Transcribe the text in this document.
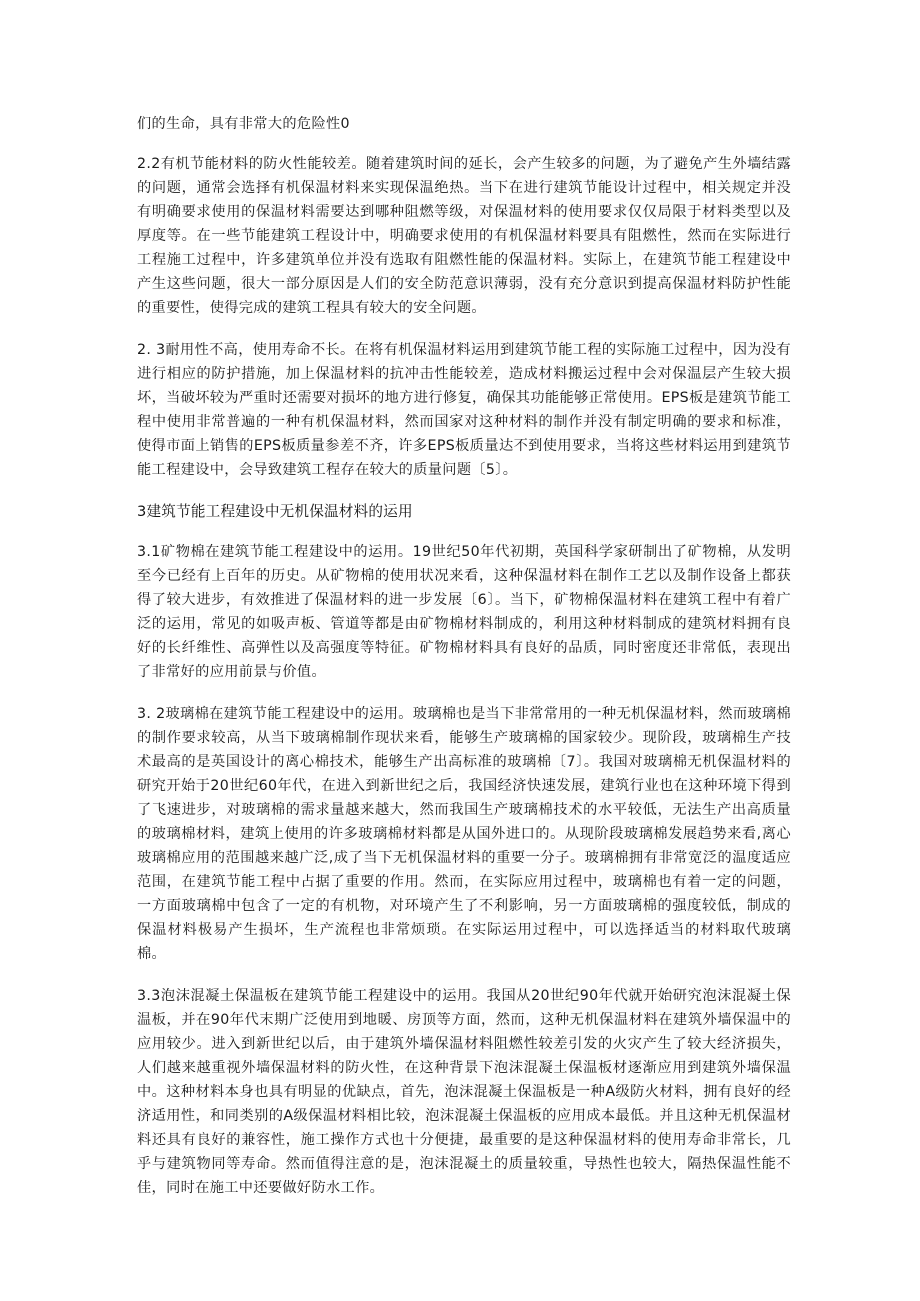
们的生命，具有非常大的危险性0

2.2有机节能材料的防火性能较差。随着建筑时间的延长，会产生较多的问题，为了避免产生外墙结露的问题，通常会选择有机保温材料来实现保温绝热。当下在进行建筑节能设计过程中，相关规定并没有明确要求使用的保温材料需要达到哪种阻燃等级，对保温材料的使用要求仅仅局限于材料类型以及厚度等。在一些节能建筑工程设计中，明确要求使用的有机保温材料要具有阻燃性，然而在实际进行工程施工过程中，许多建筑单位并没有选取有阻燃性能的保温材料。实际上，在建筑节能工程建设中产生这些问题，很大一部分原因是人们的安全防范意识薄弱，没有充分意识到提高保温材料防护性能的重要性，使得完成的建筑工程具有较大的安全问题。

2. 3耐用性不高，使用寿命不长。在将有机保温材料运用到建筑节能工程的实际施工过程中，因为没有进行相应的防护措施，加上保温材料的抗冲击性能较差，造成材料搬运过程中会对保温层产生较大损坏，当破坏较为严重时还需要对损坏的地方进行修复，确保其功能能够正常使用。EPS板是建筑节能工程中使用非常普遍的一种有机保温材料，然而国家对这种材料的制作并没有制定明确的要求和标准，使得市面上销售的EPS板质量参差不齐，许多EPS板质量达不到使用要求，当将这些材料运用到建筑节能工程建设中，会导致建筑工程存在较大的质量问题〔5〕。

3建筑节能工程建设中无机保温材料的运用

3.1矿物棉在建筑节能工程建设中的运用。19世纪50年代初期，英国科学家研制出了矿物棉，从发明至今已经有上百年的历史。从矿物棉的使用状况来看，这种保温材料在制作工艺以及制作设备上都获得了较大进步，有效推进了保温材料的进一步发展〔6〕。当下，矿物棉保温材料在建筑工程中有着广泛的运用，常见的如吸声板、管道等都是由矿物棉材料制成的，利用这种材料制成的建筑材料拥有良好的长纤维性、高弹性以及高强度等特征。矿物棉材料具有良好的品质，同时密度还非常低，表现出了非常好的应用前景与价值。

3. 2玻璃棉在建筑节能工程建设中的运用。玻璃棉也是当下非常常用的一种无机保温材料，然而玻璃棉的制作要求较高，从当下玻璃棉制作现状来看，能够生产玻璃棉的国家较少。现阶段，玻璃棉生产技术最高的是英国设计的离心棉技术，能够生产出高标准的玻璃棉〔7〕。我国对玻璃棉无机保温材料的研究开始于20世纪60年代，在进入到新世纪之后，我国经济快速发展，建筑行业也在这种环境下得到了飞速进步，对玻璃棉的需求量越来越大，然而我国生产玻璃棉技术的水平较低，无法生产出高质量的玻璃棉材料，建筑上使用的许多玻璃棉材料都是从国外进口的。从现阶段玻璃棉发展趋势来看,离心玻璃棉应用的范围越来越广泛,成了当下无机保温材料的重要一分子。玻璃棉拥有非常宽泛的温度适应范围，在建筑节能工程中占据了重要的作用。然而，在实际应用过程中，玻璃棉也有着一定的问题，一方面玻璃棉中包含了一定的有机物，对环境产生了不利影响，另一方面玻璃棉的强度较低，制成的保温材料极易产生损坏，生产流程也非常烦琐。在实际运用过程中，可以选择适当的材料取代玻璃棉。

3.3泡沫混凝土保温板在建筑节能工程建设中的运用。我国从20世纪90年代就开始研究泡沫混凝土保温板，并在90年代末期广泛使用到地暖、房顶等方面，然而，这种无机保温材料在建筑外墙保温中的应用较少。进入到新世纪以后，由于建筑外墙保温材料阻燃性较差引发的火灾产生了较大经济损失，人们越来越重视外墙保温材料的防火性，在这种背景下泡沫混凝土保温板材逐渐应用到建筑外墙保温中。这种材料本身也具有明显的优缺点，首先，泡沫混凝土保温板是一种A级防火材料，拥有良好的经济适用性，和同类别的A级保温材料相比较，泡沫混凝土保温板的应用成本最低。并且这种无机保温材料还具有良好的兼容性，施工操作方式也十分便捷，最重要的是这种保温材料的使用寿命非常长，几乎与建筑物同等寿命。然而值得注意的是，泡沫混凝土的质量较重，导热性也较大，隔热保温性能不佳，同时在施工中还要做好防水工作。
